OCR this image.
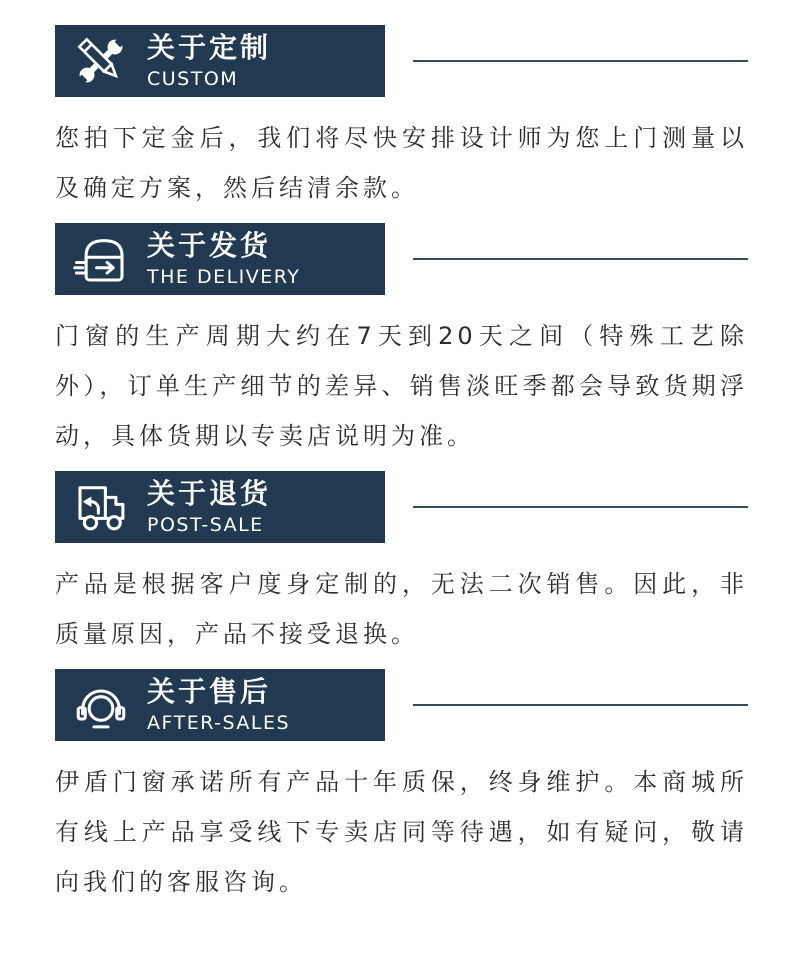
关于定制
CUSTOM

您拍下定金后，我们将尽快安排设计师为您上门测量以及确定方案，然后结清余款。

关于发货
THE DELIVERY

门窗的生产周期大约在7天到20天之间（特殊工艺除外），订单生产细节的差异、销售淡旺季都会导致货期浮动，具体货期以专卖店说明为准。

关于退货
POST-SALE

产品是根据客户度身定制的，无法二次销售。因此，非质量原因，产品不接受退换。

关于售后
AFTER-SALES

伊盾门窗承诺所有产品十年质保，终身维护。本商城所有线上产品享受线下专卖店同等待遇，如有疑问，敬请向我们的客服咨询。
